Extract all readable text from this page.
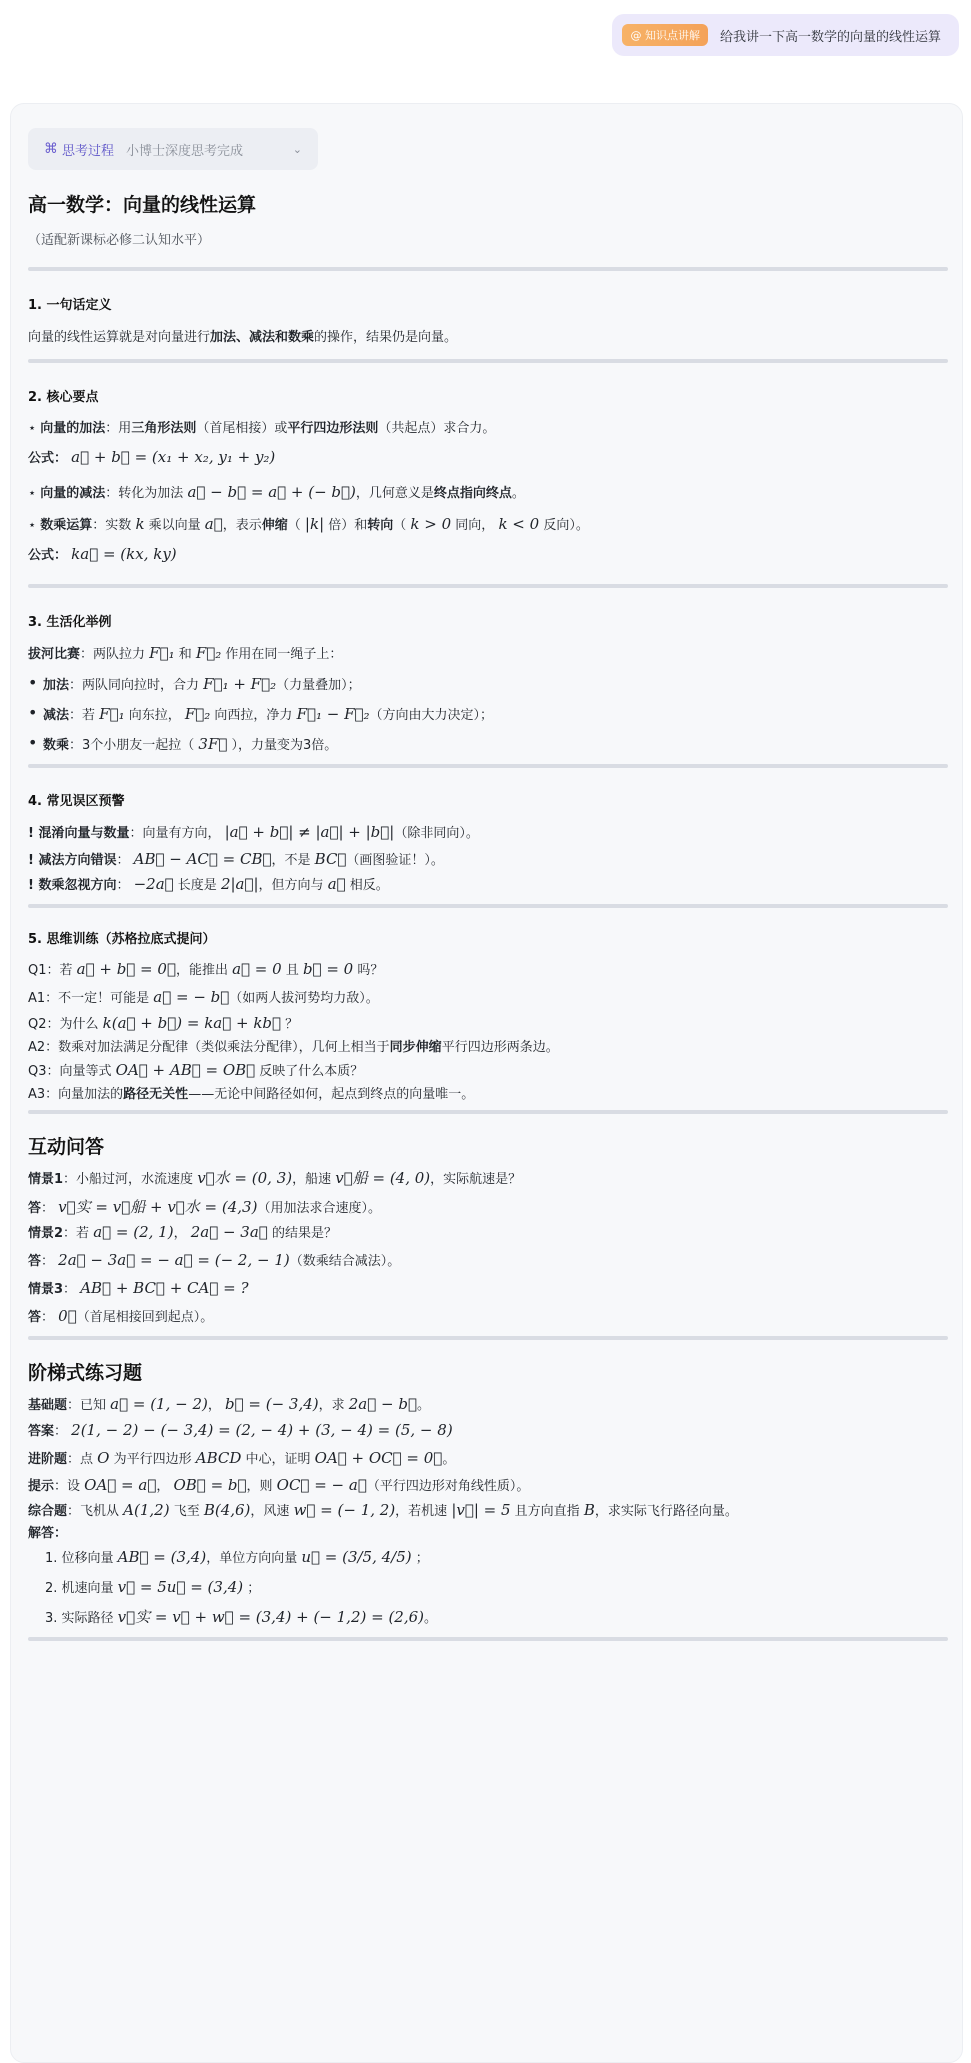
@ 知识点讲解	给我讲一下高一数学的向量的线性运算
⌘ 思考过程 小博士深度思考完成	⌄
高一数学：向量的线性运算
（适配新课标必修二认知水平）
1. 一句话定义
向量的线性运算就是对向量进行加法、减法和数乘的操作，结果仍是向量。
2. 核心要点
⋆ 向量的加法：用三角形法则（首尾相接）或平行四边形法则（共起点）求合力。
公式： a⃗ + b⃗ = (x₁ + x₂, y₁ + y₂)
⋆ 向量的减法：转化为加法 a⃗ − b⃗ = a⃗ + (− b⃗)，几何意义是终点指向终点。
⋆ 数乘运算：实数 k 乘以向量 a⃗，表示伸缩（ |k| 倍）和转向（ k > 0 同向， k < 0 反向）。
公式： ka⃗ = (kx, ky)
3. 生活化举例
拔河比赛：两队拉力 F⃗₁ 和 F⃗₂ 作用在同一绳子上：
• 加法：两队同向拉时，合力 F⃗₁ + F⃗₂（力量叠加）；
• 减法：若 F⃗₁ 向东拉， F⃗₂ 向西拉，净力 F⃗₁ − F⃗₂（方向由大力决定）；
• 数乘：3个小朋友一起拉（ 3F⃗ ），力量变为3倍。
4. 常见误区预警
! 混淆向量与数量：向量有方向， |a⃗ + b⃗| ≠ |a⃗| + |b⃗|（除非同向）。
! 减法方向错误： AB⃗ − AC⃗ = CB⃗，不是 BC⃗（画图验证！）。
! 数乘忽视方向： −2a⃗ 长度是 2|a⃗|，但方向与 a⃗ 相反。
5. 思维训练（苏格拉底式提问）
Q1：若 a⃗ + b⃗ = 0⃗，能推出 a⃗ = 0 且 b⃗ = 0 吗？
A1：不一定！可能是 a⃗ = − b⃗（如两人拔河势均力敌）。
Q2：为什么 k(a⃗ + b⃗) = ka⃗ + kb⃗ ？
A2：数乘对加法满足分配律（类似乘法分配律），几何上相当于同步伸缩平行四边形两条边。
Q3：向量等式 OA⃗ + AB⃗ = OB⃗ 反映了什么本质？
A3：向量加法的路径无关性——无论中间路径如何，起点到终点的向量唯一。
互动问答
情景1：小船过河，水流速度 v⃗水 = (0, 3)，船速 v⃗船 = (4, 0)，实际航速是？
答： v⃗实 = v⃗船 + v⃗水 = (4,3)（用加法求合速度）。
情景2：若 a⃗ = (2, 1)， 2a⃗ − 3a⃗ 的结果是？
答： 2a⃗ − 3a⃗ = − a⃗ = (− 2, − 1)（数乘结合减法）。
情景3： AB⃗ + BC⃗ + CA⃗ = ?
答： 0⃗（首尾相接回到起点）。
阶梯式练习题
基础题：已知 a⃗ = (1, − 2)， b⃗ = (− 3,4)，求 2a⃗ − b⃗。
答案： 2(1, − 2) − (− 3,4) = (2, − 4) + (3, − 4) = (5, − 8)
进阶题：点 O 为平行四边形 ABCD 中心，证明 OA⃗ + OC⃗ = 0⃗。
提示：设 OA⃗ = a⃗， OB⃗ = b⃗，则 OC⃗ = − a⃗（平行四边形对角线性质）。
综合题：飞机从 A(1,2) 飞至 B(4,6)，风速 w⃗ = (− 1, 2)，若机速 |v⃗| = 5 且方向直指 B，求实际飞行路径向量。
解答：
1. 位移向量 AB⃗ = (3,4)，单位方向向量 u⃗ = (3/5, 4/5) ；
2. 机速向量 v⃗ = 5u⃗ = (3,4) ；
3. 实际路径 v⃗实 = v⃗ + w⃗ = (3,4) + (− 1,2) = (2,6)。
